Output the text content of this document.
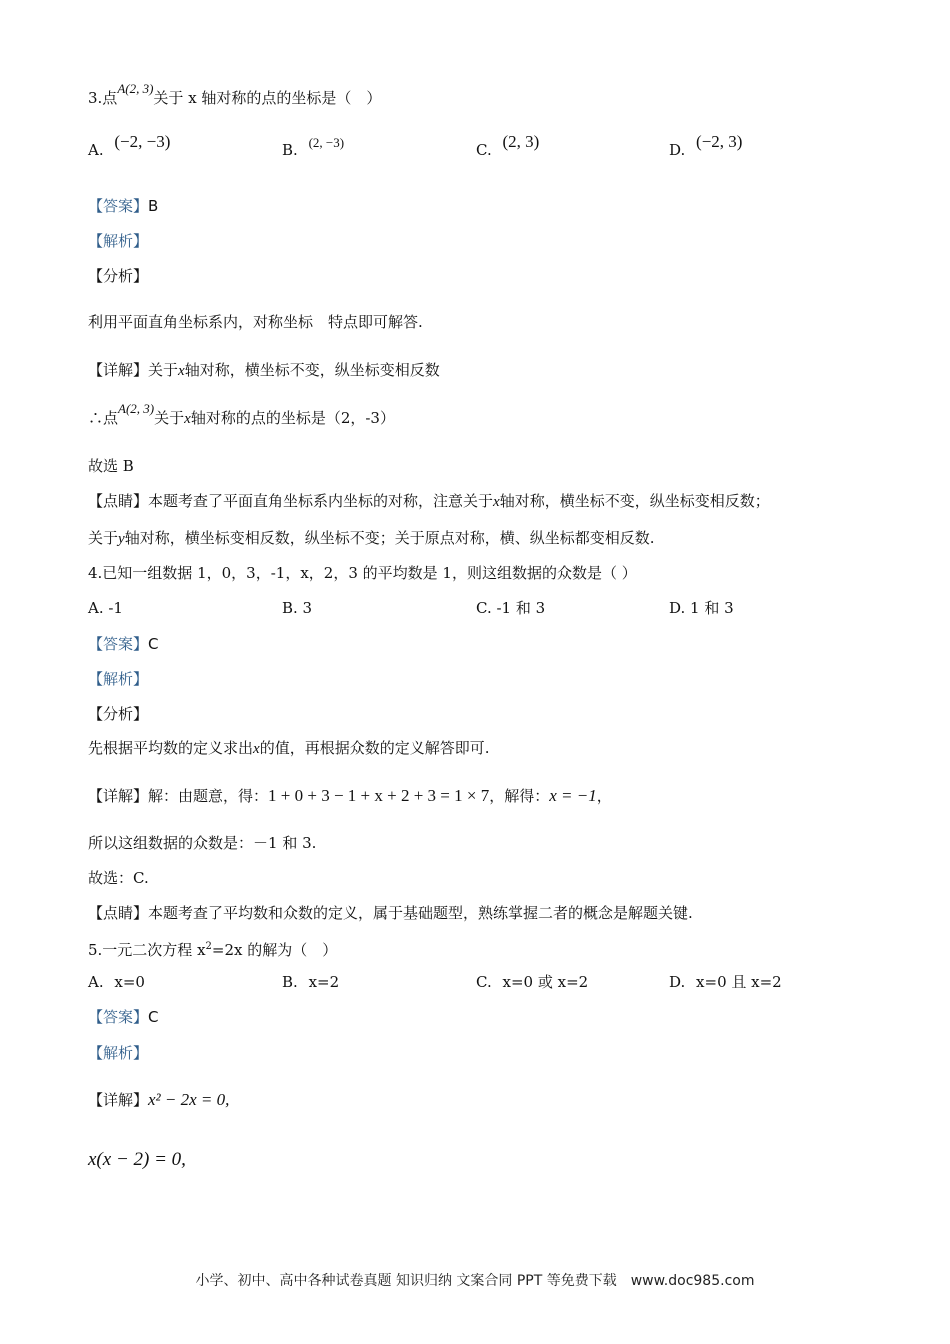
3.点A(2, 3)关于 x 轴对称的点的坐标是（　）
A. (−2, −3)	B. (2, −3)	C. (2, 3)	D. (−2, 3)
【答案】B
【解析】
【分析】
利用平面直角坐标系内，对称坐标　特点即可解答.
【详解】关于x轴对称，横坐标不变，纵坐标变相反数
∴点A(2, 3)关于x轴对称的点的坐标是（2，-3）
故选 B
【点睛】本题考查了平面直角坐标系内坐标的对称，注意关于x轴对称，横坐标不变，纵坐标变相反数；
关于y轴对称，横坐标变相反数，纵坐标不变；关于原点对称，横、纵坐标都变相反数.
4.已知一组数据 1，0，3，-1，x，2，3 的平均数是 1，则这组数据的众数是（ ）
A. -1	B. 3	C. -1 和 3	D. 1 和 3
【答案】C
【解析】
【分析】
先根据平均数的定义求出x的值，再根据众数的定义解答即可.
【详解】解：由题意，得：1 + 0 + 3 − 1 + x + 2 + 3 = 1 × 7，解得：x = −1，
所以这组数据的众数是：－1 和 3.
故选：C.
【点睛】本题考查了平均数和众数的定义，属于基础题型，熟练掌握二者的概念是解题关键.
5.一元二次方程 $x^2=2x$ 的解为（　）
A. x=0	B. x=2	C. x=0 或 x=2	D. x=0 且 x=2
【答案】C
【解析】
【详解】x² − 2x = 0,
x(x − 2) = 0,
小学、初中、高中各种试卷真题 知识归纳 文案合同 PPT 等免费下载　www.doc985.com
